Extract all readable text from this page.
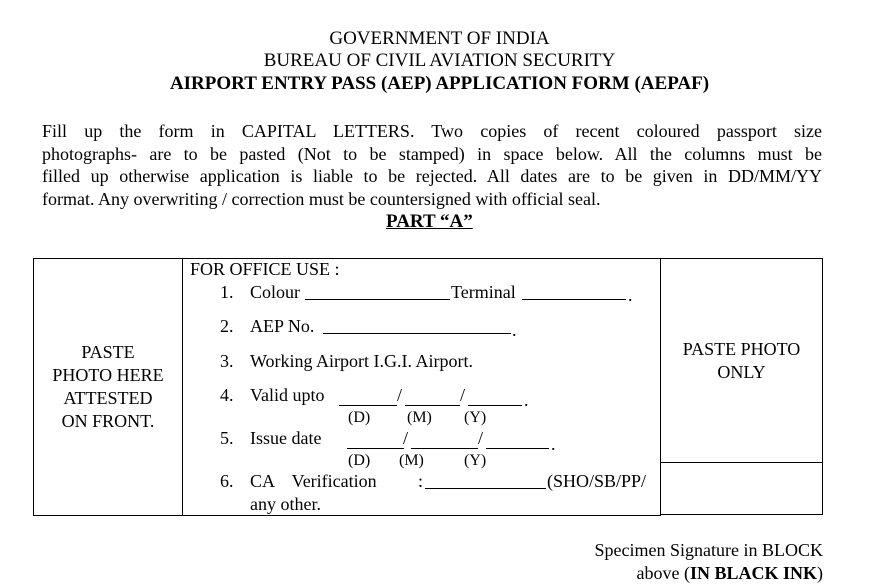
GOVERNMENT OF INDIA
BUREAU OF CIVIL AVIATION SECURITY
AIRPORT ENTRY PASS (AEP) APPLICATION FORM (AEPAF)
Fill up the form in CAPITAL LETTERS. Two copies of recent coloured passport size
photographs- are to be pasted (Not to be stamped) in space below. All the columns must be
filled up otherwise application is liable to be rejected. All dates are to be given in DD/MM/YY
format. Any overwriting / correction must be countersigned with official seal.
PART “A”
PASTE
PHOTO HERE
ATTESTED
ON FRONT.
PASTE PHOTO
ONLY
FOR OFFICE USE :
1. Colour	Terminal	.
2. AEP No.	.
3. Working Airport I.G.I. Airport.
4. Valid upto	/	/	.
(D) (M) (Y)
5. Issue date	/	/	.
(D) (M)	(Y)
6. CA    Verification :	(SHO/SB/PP/
any other.
Specimen Signature in BLOCK
above (IN BLACK INK)
